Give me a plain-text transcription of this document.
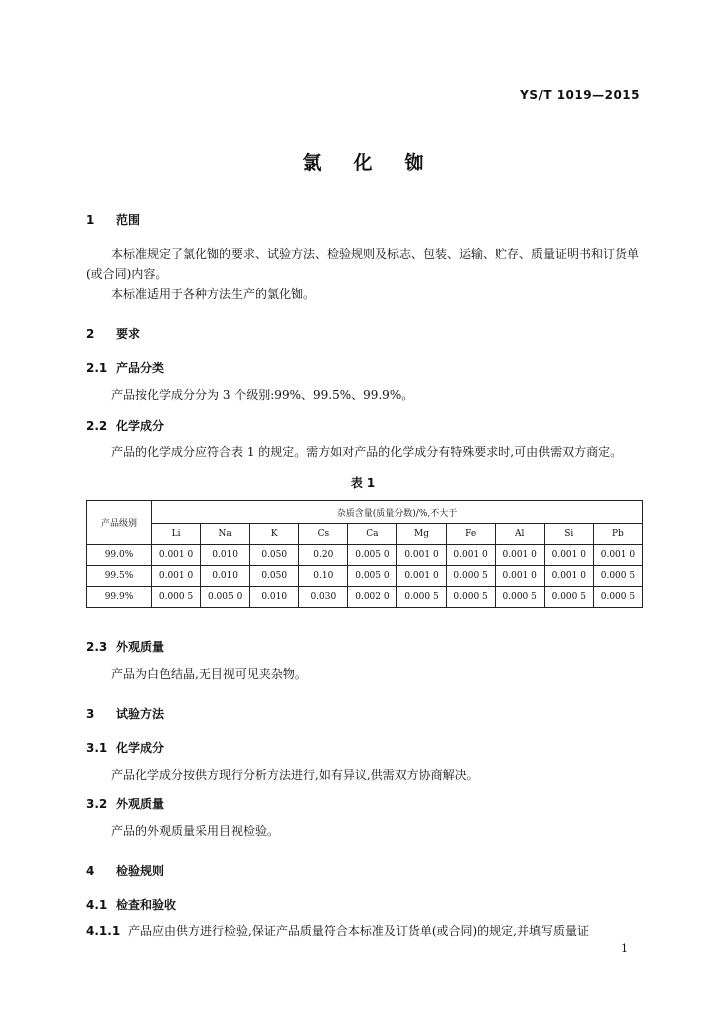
YS/T 1019—2015
氯化铷
1 范围
本标准规定了氯化铷的要求、试验方法、检验规则及标志、包装、运输、贮存、质量证明书和订货单(或合同)内容。
本标准适用于各种方法生产的氯化铷。
2 要求
2.1 产品分类
产品按化学成分分为 3 个级别:99%、99.5%、99.9%。
2.2 化学成分
产品的化学成分应符合表 1 的规定。需方如对产品的化学成分有特殊要求时,可由供需双方商定。
表 1
产品级别	杂质含量(质量分数)/%,不大于									
	Li	Na	K	Cs	Ca	Mg	Fe	Al	Si	Pb
99.0%	0.001 0	0.010	0.050	0.20	0.005 0	0.001 0	0.001 0	0.001 0	0.001 0	0.001 0
99.5%	0.001 0	0.010	0.050	0.10	0.005 0	0.001 0	0.000 5	0.001 0	0.001 0	0.000 5
99.9%	0.000 5	0.005 0	0.010	0.030	0.002 0	0.000 5	0.000 5	0.000 5	0.000 5	0.000 5
2.3 外观质量
产品为白色结晶,无目视可见夹杂物。
3 试验方法
3.1 化学成分
产品化学成分按供方现行分析方法进行,如有异议,供需双方协商解决。
3.2 外观质量
产品的外观质量采用目视检验。
4 检验规则
4.1 检查和验收
4.1.1 产品应由供方进行检验,保证产品质量符合本标准及订货单(或合同)的规定,并填写质量证
1
